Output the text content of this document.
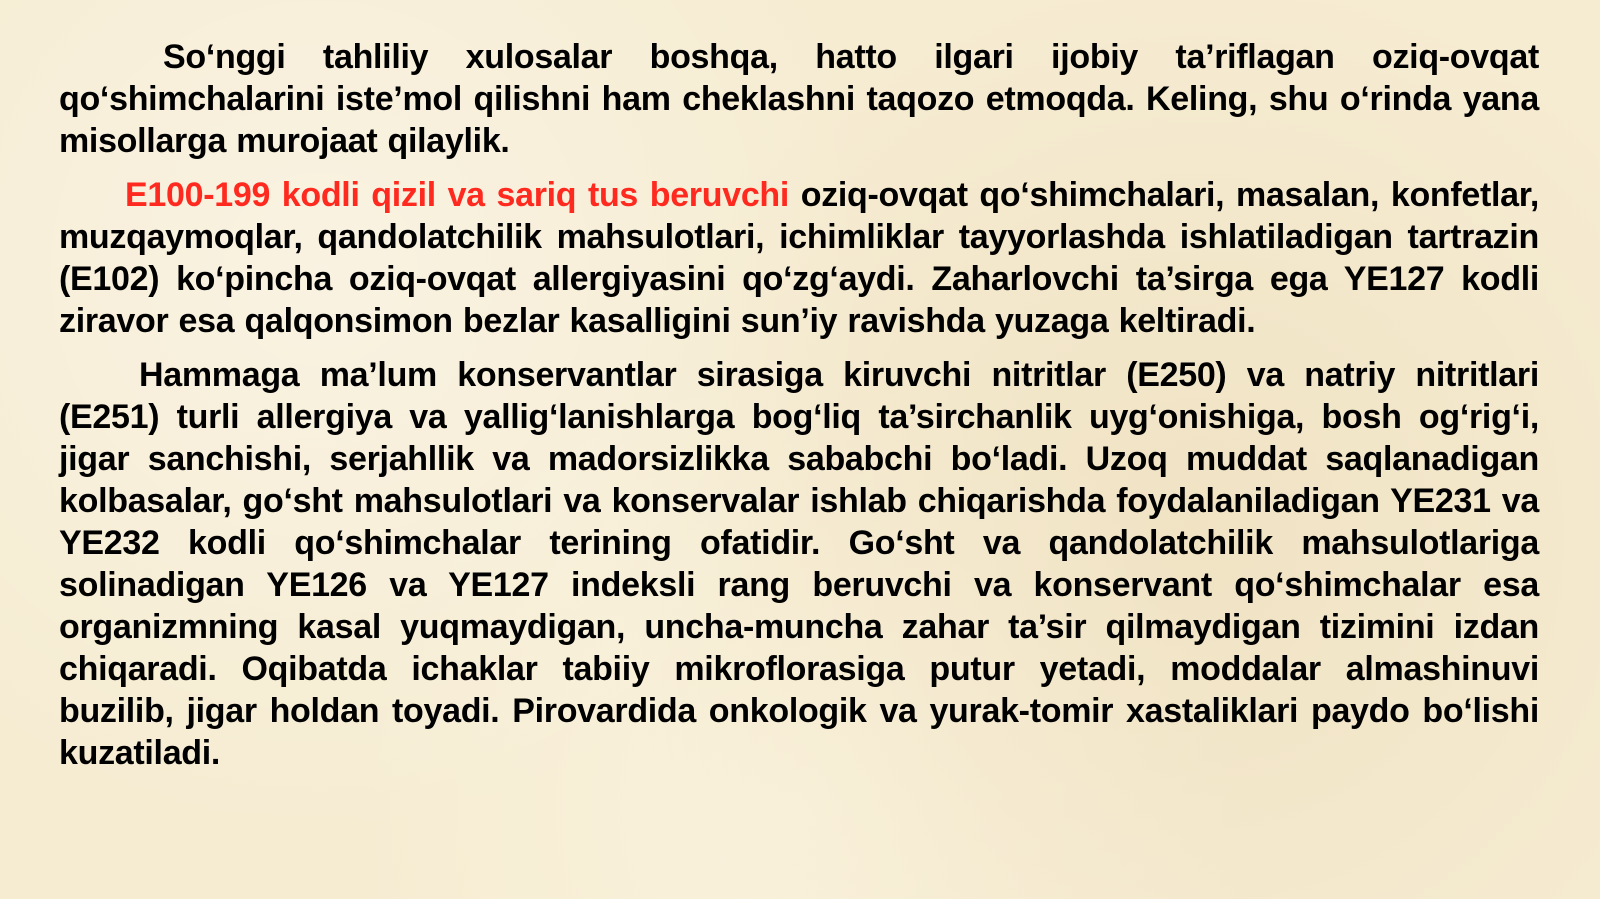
So‘nggi tahliliy xulosalar boshqa, hatto ilgari ijobiy ta’riflagan oziq-ovqat qo‘shimchalarini iste’mol qilishni ham cheklashni taqozo etmoqda. Keling, shu o‘rinda yana misollarga murojaat qilaylik.

E100-199 kodli qizil va sariq tus beruvchi oziq-ovqat qo‘shimchalari, masalan, konfetlar, muzqaymoqlar, qandolatchilik mahsulotlari, ichimliklar tayyorlashda ishlatiladigan tartrazin (E102) ko‘pincha oziq-ovqat allergiyasini qo‘zg‘aydi. Zaharlovchi ta’sirga ega YE127 kodli ziravor esa qalqonsimon bezlar kasalligini sun’iy ravishda yuzaga keltiradi.

Hammaga ma’lum konservantlar sirasiga kiruvchi nitritlar (E250) va natriy nitritlari (E251) turli allergiya va yallig‘lanishlarga bog‘liq ta’sirchanlik uyg‘onishiga, bosh og‘rig‘i, jigar sanchishi, serjahllik va madorsizlikka sababchi bo‘ladi. Uzoq muddat saqlanadigan kolbasalar, go‘sht mahsulotlari va konservalar ishlab chiqarishda foydalaniladigan YE231 va YE232 kodli qo‘shimchalar terining ofatidir. Go‘sht va qandolatchilik mahsulotlariga solinadigan YE126 va YE127 indeksli rang beruvchi va konservant qo‘shimchalar esa organizmning kasal yuqmaydigan, uncha-muncha zahar ta’sir qilmaydigan tizimini izdan chiqaradi. Oqibatda ichaklar tabiiy mikroflorasiga putur yetadi, moddalar almashinuvi buzilib, jigar holdan toyadi. Pirovardida onkologik va yurak-tomir xastaliklari paydo bo‘lishi kuzatiladi.
